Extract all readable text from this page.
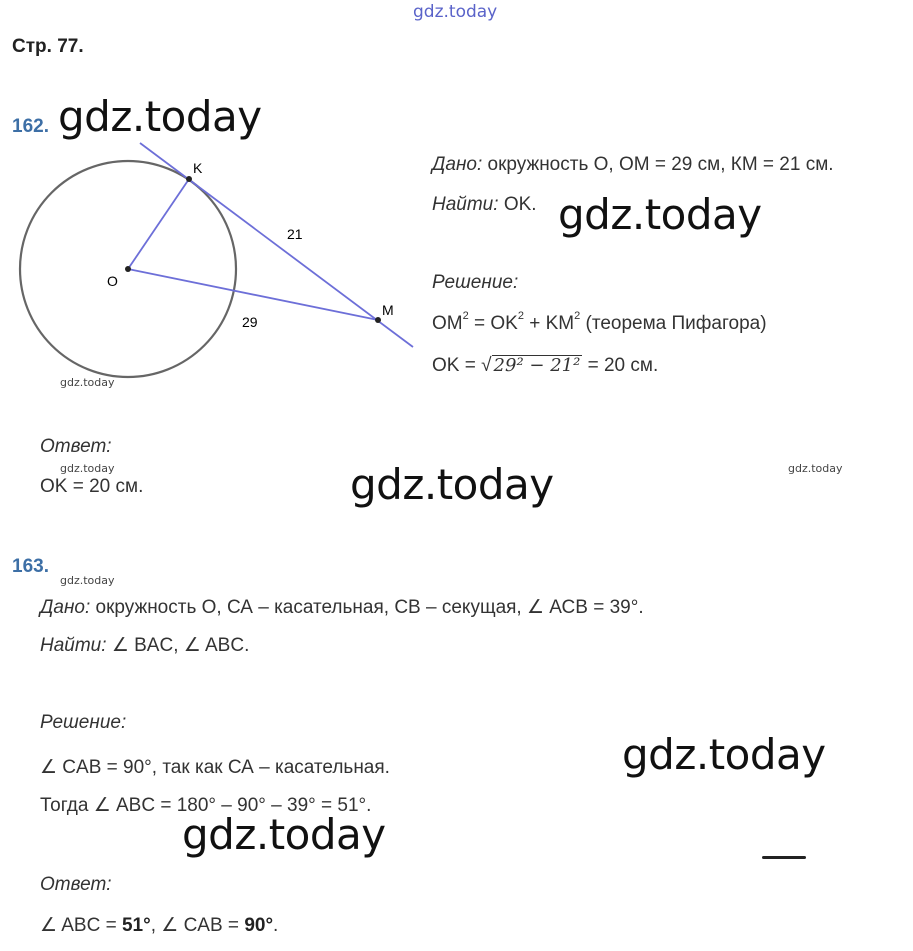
gdz.today
Стр. 77.
162. gdz.today
K
O
M
21
29
gdz.today
Дано: окружность О, ОМ = 29 см, КМ = 21 см.
Найти: OK. gdz.today
Решение:
$OM^2 = OK^2 + KM^2$ (теорема Пифагора)
OK = √ 29² − 21² = 20 см.
Ответ:
gdz.today
OK = 20 см.	gdz.today	gdz.today
163.
gdz.today
Дано: окружность О, СА – касательная, СВ – секущая, ∠ АСВ = 39°.
Найти: ∠ BAC, ∠ ABC.
Решение:
∠ CAB = 90°, так как СА – касательная.	gdz.today
Тогда ∠ ABC = 180° – 90° – 39° = 51°.
gdz.today
Ответ:
∠ ABC = 51°, ∠ CAB = 90°.
